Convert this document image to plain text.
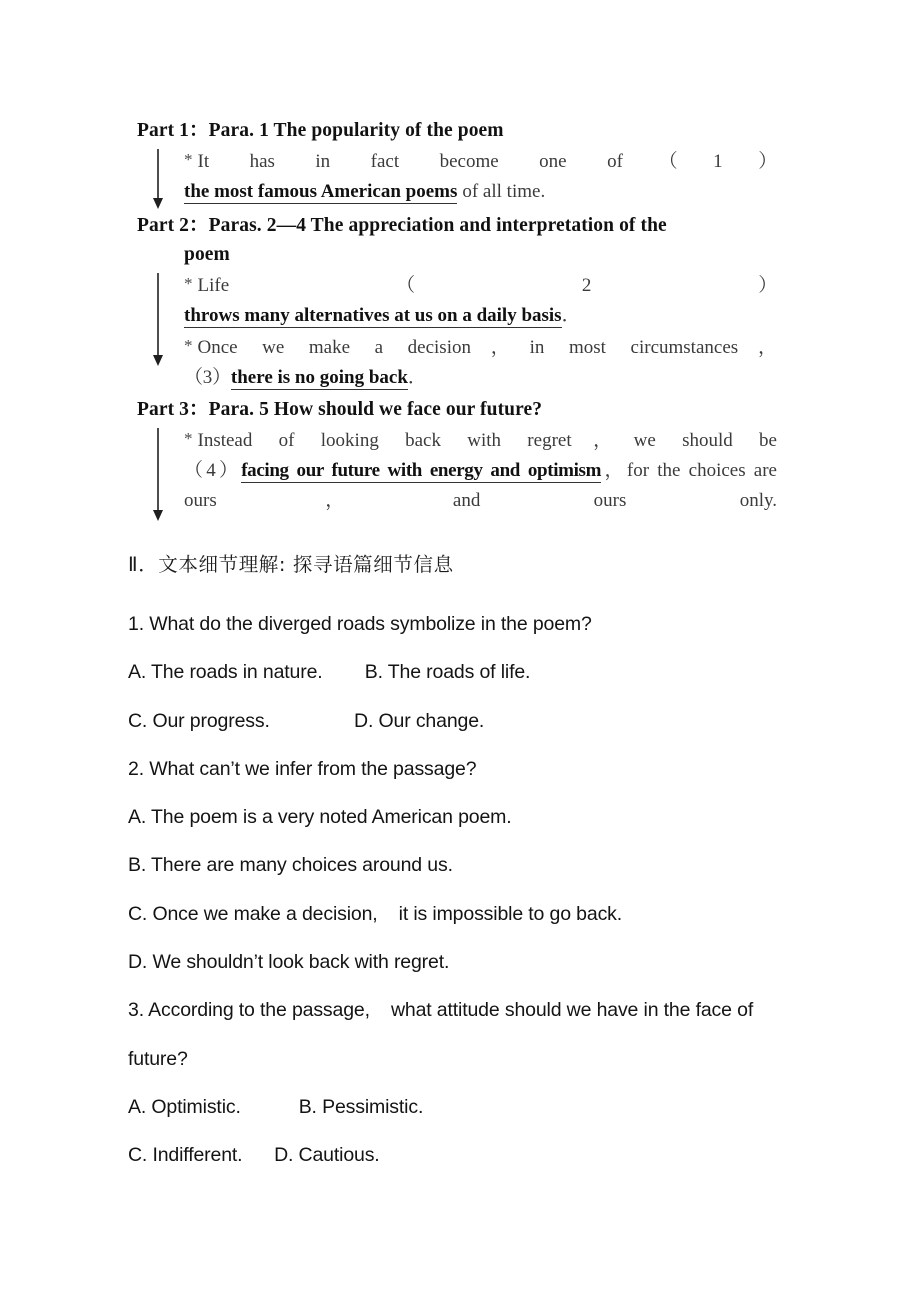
Part 1：Para. 1 The popularity of the poem
* It has in fact become one of（1）
the most famous American poems of all time.
Part 2：Paras. 2—4 The appreciation and interpretation of the
poem
* Life（2）
throws many alternatives at us on a daily basis．
* Once we make a decision，in most circumstances，
（3）there is no going back．
Part 3：Para. 5 How should we face our future?
* Instead of looking back with regret，we should be
（4）facing our future with energy and optimism，for the choices are ours，and ours only.
Ⅱ．文本细节理解: 探寻语篇细节信息
1. What do the diverged roads symbolize in the poem?
A. The roads in nature. B. The roads of life.
C. Our progress.	D. Our change.
2. What can’t we infer from the passage?
A. The poem is a very noted American poem.
B. There are many choices around us.
C. Once we make a decision,    it is impossible to go back.
D. We shouldn’t look back with regret.
3. According to the passage,    what attitude should we have in the face of
future?
A. Optimistic.	B. Pessimistic.
C. Indifferent. D. Cautious.
